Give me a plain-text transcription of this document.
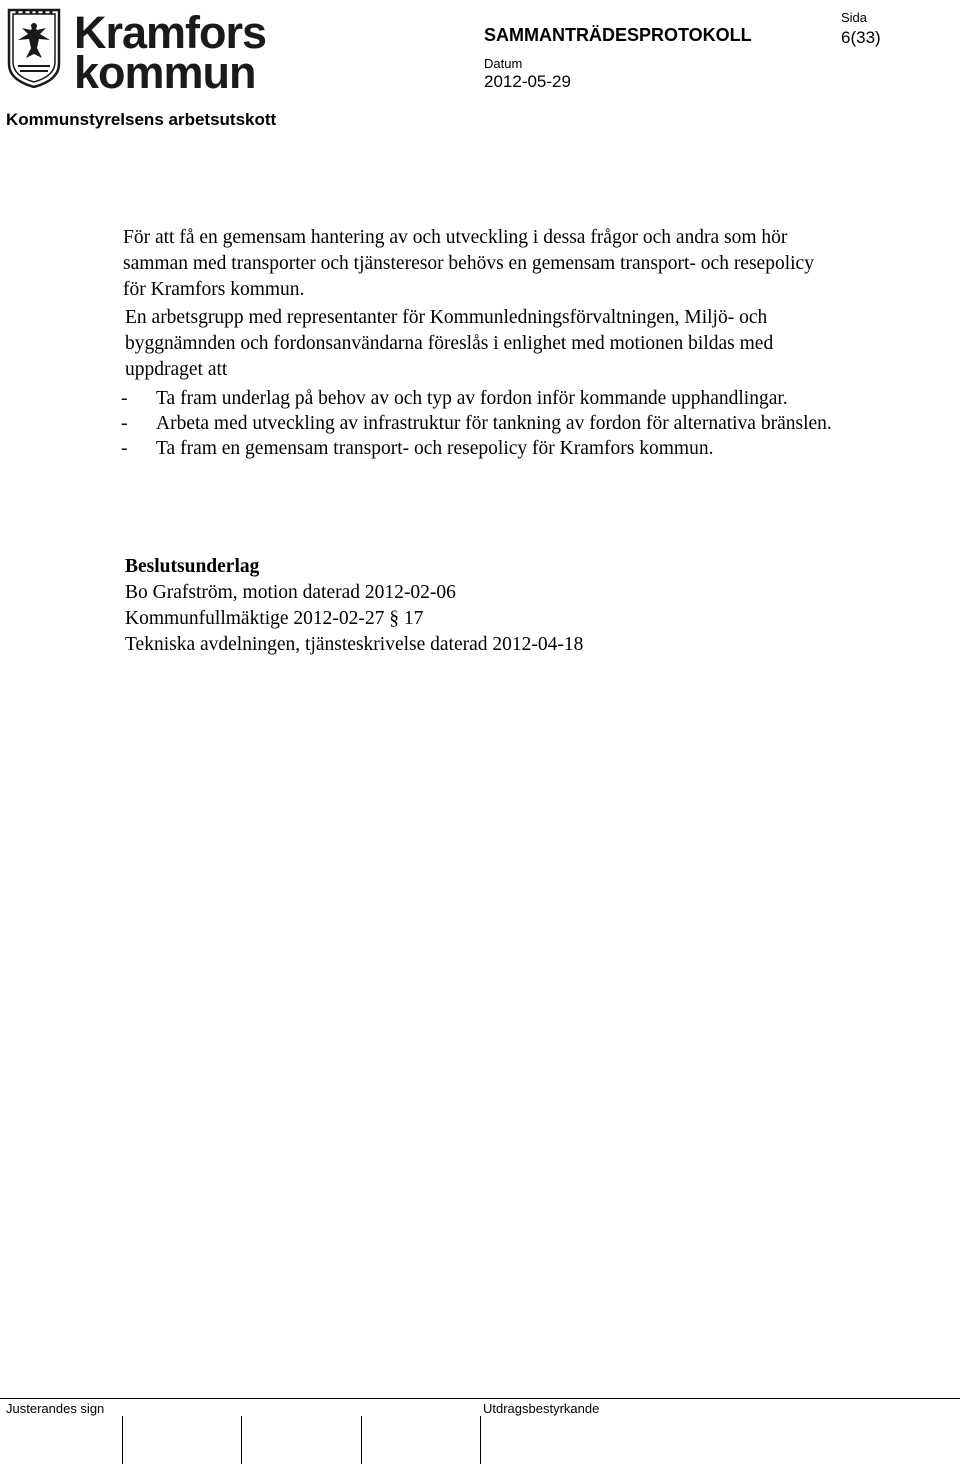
Kramfors
kommun
SAMMANTRÄDESPROTOKOLL
Sida
6(33)
Datum
2012-05-29
Kommunstyrelsens arbetsutskott

För att få en gemensam hantering av och utveckling i dessa frågor och andra som hör samman med transporter och tjänsteresor behövs en gemensam transport- och resepolicy för Kramfors kommun.

En arbetsgrupp med representanter för Kommunledningsförvaltningen, Miljö- och byggnämnden och fordonsanvändarna föreslås i enlighet med motionen bildas med uppdraget att

- Ta fram underlag på behov av och typ av fordon inför kommande upphandlingar.

- Arbeta med utveckling av infrastruktur för tankning av fordon för alternativa bränslen.

- Ta fram en gemensam transport- och resepolicy för Kramfors kommun.

Beslutsunderlag
Bo Grafström, motion daterad 2012-02-06
Kommunfullmäktige 2012-02-27 § 17
Tekniska avdelningen, tjänsteskrivelse daterad 2012-04-18
Justerandes sign	Utdragsbestyrkande
